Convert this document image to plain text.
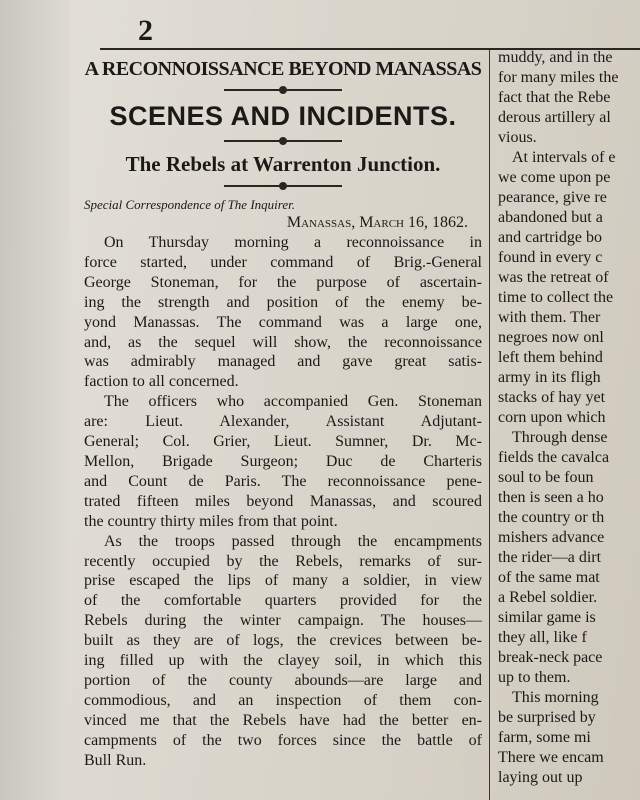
2
A RECONNOISSANCE BEYOND MANASSAS
SCENES AND INCIDENTS.
The Rebels at Warrenton Junction.
Special Correspondence of The Inquirer.
Manassas, March 16, 1862.
On Thursday morning a reconnoissance in
force started, under command of Brig.-General
George Stoneman, for the purpose of ascertain-
ing the strength and position of the enemy be-
yond Manassas. The command was a large one,
and, as the sequel will show, the reconnoissance
was admirably managed and gave great satis-
faction to all concerned.
The officers who accompanied Gen. Stoneman
are: Lieut. Alexander, Assistant Adjutant-
General; Col. Grier, Lieut. Sumner, Dr. Mc-
Mellon, Brigade Surgeon; Duc de Charteris
and Count de Paris. The reconnoissance pene-
trated fifteen miles beyond Manassas, and scoured
the country thirty miles from that point.
As the troops passed through the encampments
recently occupied by the Rebels, remarks of sur-
prise escaped the lips of many a soldier, in view
of the comfortable quarters provided for the
Rebels during the winter campaign. The houses—
built as they are of logs, the crevices between be-
ing filled up with the clayey soil, in which this
portion of the county abounds—are large and
commodious, and an inspection of them con-
vinced me that the Rebels have had the better en-
campments of the two forces since the battle of
Bull Run.
muddy, and in the
for many miles the
fact that the Rebe
derous artillery al
vious.
At intervals of e
we come upon pe
pearance, give re
abandoned but a
and cartridge bo
found in every c
was the retreat of
time to collect the
with them. Ther
negroes now onl
left them behind
army in its fligh
stacks of hay yet
corn upon which
Through dense
fields the cavalca
soul to be foun
then is seen a ho
the country or th
mishers advance
the rider—a dirt
of the same mat
a Rebel soldier.
similar game is
they all, like f
break-neck pace
up to them.
This morning
be surprised by
farm, some mi
There we encam
laying out up
